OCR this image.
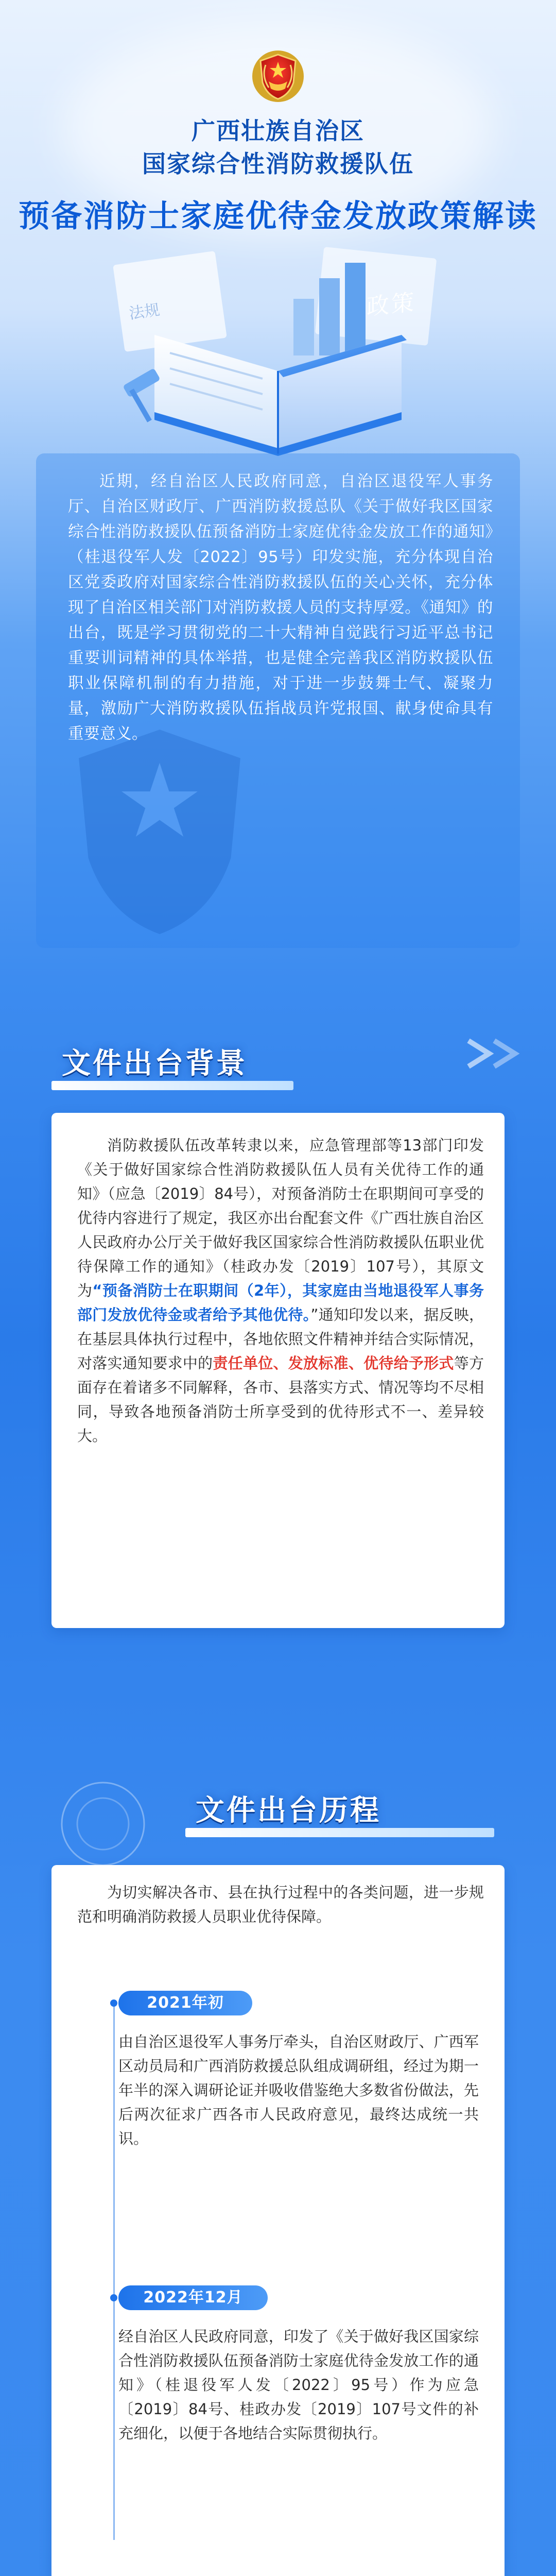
广西壮族自治区
国家综合性消防救援队伍
预备消防士家庭优待金发放政策解读
政策
法规

近期，经自治区人民政府同意，自治区退役军人事务厅、自治区财政厅、广西消防救援总队《关于做好我区国家综合性消防救援队伍预备消防士家庭优待金发放工作的通知》（桂退役军人发〔2022〕95号）印发实施，充分体现自治区党委政府对国家综合性消防救援队伍的关心关怀，充分体现了自治区相关部门对消防救援人员的支持厚爱。《通知》的出台，既是学习贯彻党的二十大精神自觉践行习近平总书记重要训词精神的具体举措，也是健全完善我区消防救援队伍职业保障机制的有力措施，对于进一步鼓舞士气、凝聚力量，激励广大消防救援队伍指战员许党报国、献身使命具有重要意义。

文件出台背景

消防救援队伍改革转隶以来，应急管理部等13部门印发《关于做好国家综合性消防救援队伍人员有关优待工作的通知》（应急〔2019〕84号），对预备消防士在职期间可享受的优待内容进行了规定，我区亦出台配套文件《广西壮族自治区人民政府办公厅关于做好我区国家综合性消防救援队伍职业优待保障工作的通知》（桂政办发〔2019〕107号），其原文为“预备消防士在职期间（2年），其家庭由当地退役军人事务部门发放优待金或者给予其他优待。”通知印发以来，据反映，在基层具体执行过程中，各地依照文件精神并结合实际情况，对落实通知要求中的责任单位、发放标准、优待给予形式等方面存在着诸多不同解释，各市、县落实方式、情况等均不尽相同，导致各地预备消防士所享受到的优待形式不一、差异较大。

文件出台历程

为切实解决各市、县在执行过程中的各类问题，进一步规范和明确消防救援人员职业优待保障。

2021年初

由自治区退役军人事务厅牵头，自治区财政厅、广西军区动员局和广西消防救援总队组成调研组，经过为期一年半的深入调研论证并吸收借鉴绝大多数省份做法，先后两次征求广西各市人民政府意见，最终达成统一共识。

2022年12月

经自治区人民政府同意，印发了《关于做好我区国家综合性消防救援队伍预备消防士家庭优待金发放工作的通知》（桂退役军人发〔2022〕95号）作为应急〔2019〕84号、桂政办发〔2019〕107号文件的补充细化，以便于各地结合实际贯彻执行。
